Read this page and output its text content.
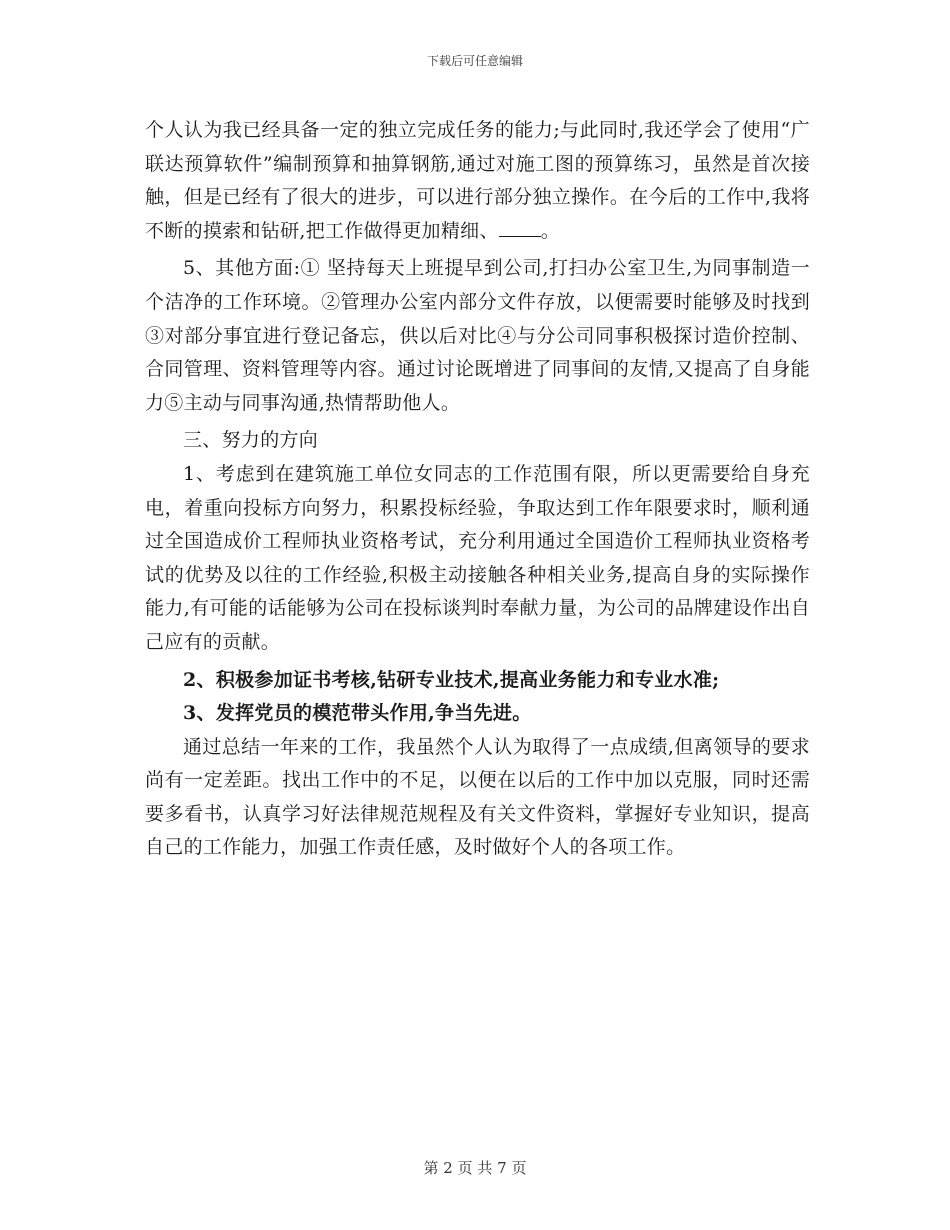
下载后可任意编辑

个人认为我已经具备一定的独立完成任务的能力;与此同时,我还学会了使用“广联达预算软件”编制预算和抽算钢筋,通过对施工图的预算练习，虽然是首次接触，但是已经有了很大的进步，可以进行部分独立操作。在今后的工作中,我将不断的摸索和钻研,把工作做得更加精细、 。

5、其他方面:① 坚持每天上班提早到公司,打扫办公室卫生,为同事制造一个洁净的工作环境。②管理办公室内部分文件存放，以便需要时能够及时找到③对部分事宜进行登记备忘，供以后对比④与分公司同事积极探讨造价控制、合同管理、资料管理等内容。通过讨论既增进了同事间的友情,又提高了自身能力⑤主动与同事沟通,热情帮助他人。

三、努力的方向

1、考虑到在建筑施工单位女同志的工作范围有限，所以更需要给自身充电，着重向投标方向努力，积累投标经验，争取达到工作年限要求时，顺利通过全国造成价工程师执业资格考试，充分利用通过全国造价工程师执业资格考试的优势及以往的工作经验,积极主动接触各种相关业务,提高自身的实际操作能力,有可能的话能够为公司在投标谈判时奉献力量，为公司的品牌建设作出自己应有的贡献。

2、积极参加证书考核,钻研专业技术,提高业务能力和专业水准;

3、发挥党员的模范带头作用,争当先进。

通过总结一年来的工作，我虽然个人认为取得了一点成绩,但离领导的要求尚有一定差距。找出工作中的不足，以便在以后的工作中加以克服，同时还需要多看书，认真学习好法律规范规程及有关文件资料，掌握好专业知识，提高自己的工作能力，加强工作责任感，及时做好个人的各项工作。

第 2 页 共 7 页
